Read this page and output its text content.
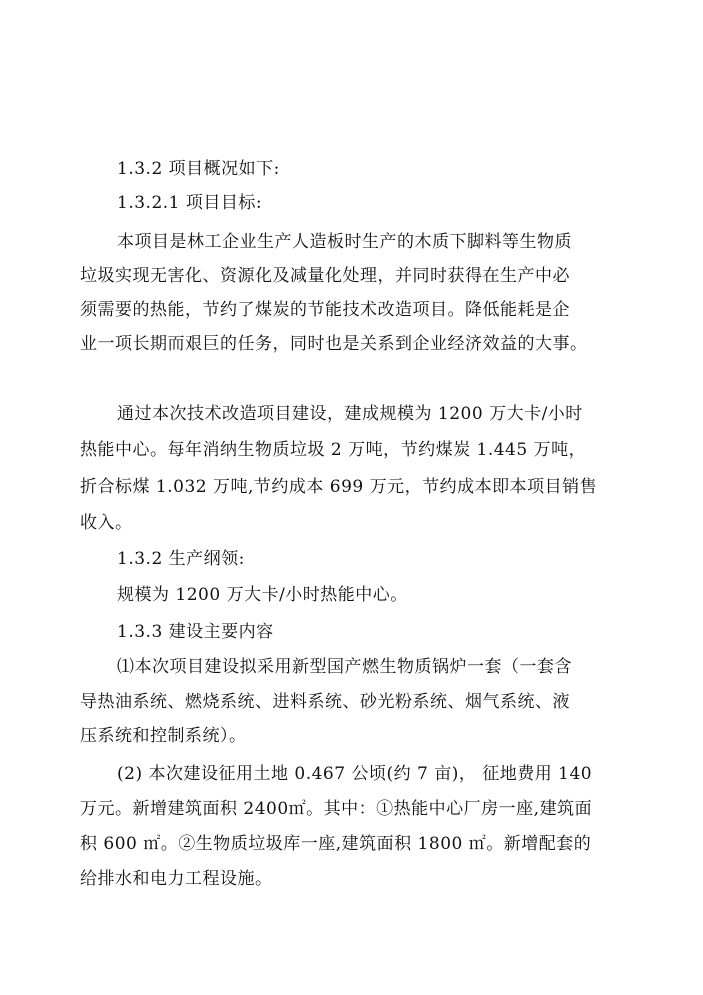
1.3.2 项目概况如下:
1.3.2.1 项目目标:
本项目是林工企业生产人造板时生产的木质下脚料等生物质
垃圾实现无害化、资源化及减量化处理，并同时获得在生产中必
须需要的热能，节约了煤炭的节能技术改造项目。降低能耗是企
业一项长期而艰巨的任务，同时也是关系到企业经济效益的大事。
通过本次技术改造项目建设，建成规模为 1200 万大卡/小时
热能中心。每年消纳生物质垃圾 2 万吨，节约煤炭 1.445 万吨，
折合标煤 1.032 万吨,节约成本 699 万元，节约成本即本项目销售
收入。
1.3.2 生产纲领:
规模为 1200 万大卡/小时热能中心。
1.3.3 建设主要内容
⑴本次项目建设拟采用新型国产燃生物质锅炉一套（一套含
导热油系统、燃烧系统、进料系统、砂光粉系统、烟气系统、液
压系统和控制系统）。
(2) 本次建设征用土地 0.467 公顷(约 7 亩)， 征地费用 140
万元。新增建筑面积 2400㎡。其中：①热能中心厂房一座,建筑面
积 600 ㎡。②生物质垃圾库一座,建筑面积 1800 ㎡。新增配套的
给排水和电力工程设施。
